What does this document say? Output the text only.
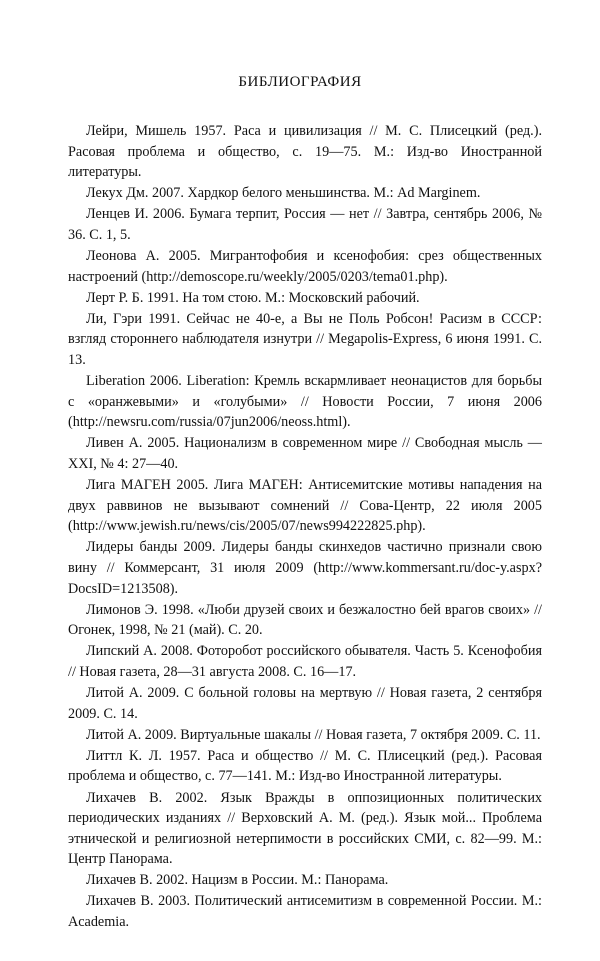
БИБЛИОГРАФИЯ
Лейри, Мишель 1957. Раса и цивилизация // М. С. Плисецкий (ред.). Расовая проблема и общество, с. 19—75. М.: Изд-во Иностранной литературы.
Лекух Дм. 2007. Хардкор белого меньшинства. М.: Ad Marginem.
Ленцев И. 2006. Бумага терпит, Россия — нет // Завтра, сентябрь 2006, № 36. С. 1, 5.
Леонова А. 2005. Мигрантофобия и ксенофобия: срез общественных настроений (http://demoscope.ru/weekly/2005/0203/tema01.php).
Лерт Р. Б. 1991. На том стою. М.: Московский рабочий.
Ли, Гэри 1991. Сейчас не 40-е, а Вы не Поль Робсон! Расизм в СССР: взгляд стороннего наблюдателя изнутри // Megapolis-Express, 6 июня 1991. С. 13.
Liberation 2006. Liberation: Кремль вскармливает неонацистов для борьбы с «оранжевыми» и «голубыми» // Новости России, 7 июня 2006 (http://newsru.com/russia/07jun2006/neoss.html).
Ливен А. 2005. Национализм в современном мире // Свободная мысль — XXI, № 4: 27—40.
Лига МАГЕН 2005. Лига МАГЕН: Антисемитские мотивы нападения на двух раввинов не вызывают сомнений // Сова-Центр, 22 июля 2005 (http://www.jewish.ru/news/cis/2005/07/news994222825.php).
Лидеры банды 2009. Лидеры банды скинхедов частично признали свою вину // Коммерсант, 31 июля 2009 (http://www.kommersant.ru/doc-y.aspx?DocsID=1213508).
Лимонов Э. 1998. «Люби друзей своих и безжалостно бей врагов своих» // Огонек, 1998, № 21 (май). С. 20.
Липский А. 2008. Фоторобот российского обывателя. Часть 5. Ксенофобия // Новая газета, 28—31 августа 2008. С. 16—17.
Литой А. 2009. С больной головы на мертвую // Новая газета, 2 сентября 2009. С. 14.
Литой А. 2009. Виртуальные шакалы // Новая газета, 7 октября 2009. С. 11.
Литтл К. Л. 1957. Раса и общество // М. С. Плисецкий (ред.). Расовая проблема и общество, с. 77—141. М.: Изд-во Иностранной литературы.
Лихачев В. 2002. Язык Вражды в оппозиционных политических периодических изданиях // Верховский А. М. (ред.). Язык мой... Проблема этнической и религиозной нетерпимости в российских СМИ, с. 82—99. М.: Центр Панорама.
Лихачев В. 2002. Нацизм в России. М.: Панорама.
Лихачев В. 2003. Политический антисемитизм в современной России. М.: Academia.
